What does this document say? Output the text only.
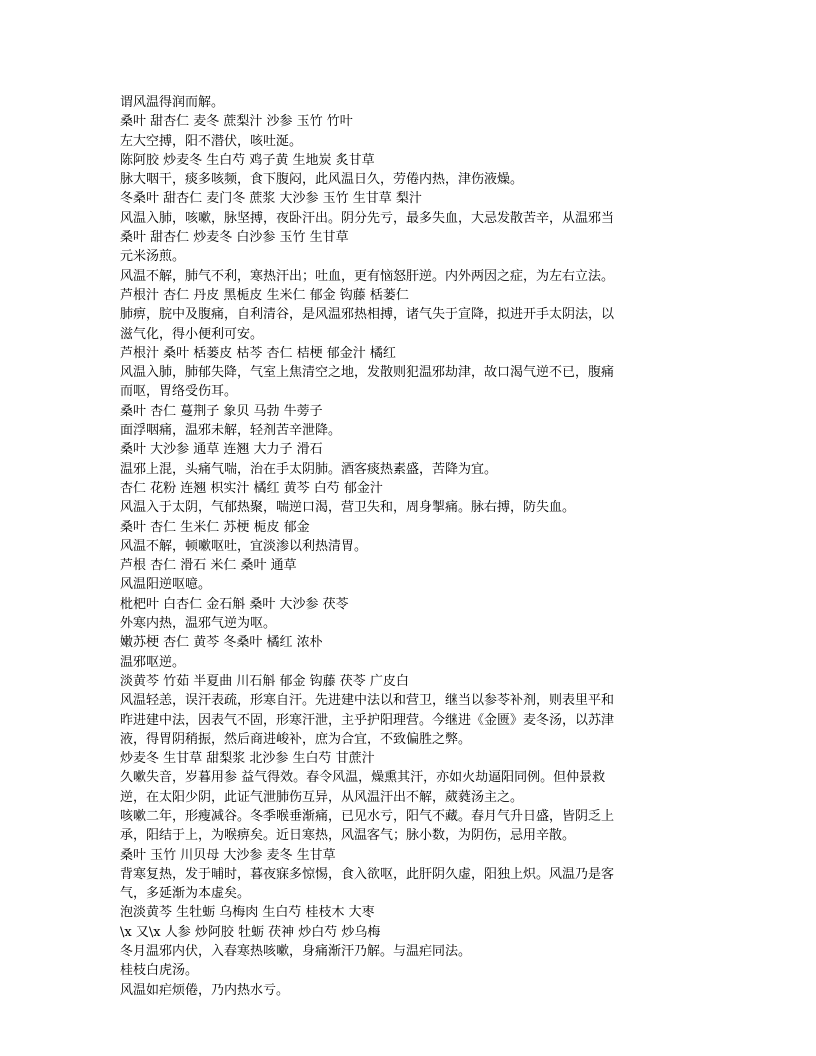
谓风温得润而解。
桑叶 甜杏仁 麦冬 蔗梨汁 沙参 玉竹 竹叶
左大空搏，阳不潜伏，咳吐涎。
陈阿胶 炒麦冬 生白芍 鸡子黄 生地炭 炙甘草
脉大咽干，痰多咳频，食下腹闷，此风温日久，劳倦内热，津伤液燥。
冬桑叶 甜杏仁 麦门冬 蔗浆 大沙参 玉竹 生甘草 梨汁
风温入肺，咳嗽，脉坚搏，夜卧汗出。阴分先亏，最多失血，大忌发散苦辛，从温邪当
桑叶 甜杏仁 炒麦冬 白沙参 玉竹 生甘草
元米汤煎。
风温不解，肺气不利，寒热汗出；吐血，更有恼怒肝逆。内外两因之症，为左右立法。
芦根汁 杏仁 丹皮 黑栀皮 生米仁 郁金 钩藤 栝蒌仁
肺痹，脘中及腹痛，自利清谷，是风温邪热相搏，诸气失于宣降，拟进开手太阴法，以
滋气化，得小便利可安。
芦根汁 桑叶 栝蒌皮 枯芩 杏仁 桔梗 郁金汁 橘红
风温入肺，肺郁失降，气室上焦清空之地，发散则犯温邪劫津，故口渴气逆不已，腹痛
而呕，胃络受伤耳。
桑叶 杏仁 蔓荆子 象贝 马勃 牛蒡子
面浮咽痛，温邪未解，轻剂苦辛泄降。
桑叶 大沙参 通草 连翘 大力子 滑石
温邪上混，头痛气喘，治在手太阴肺。酒客痰热素盛，苦降为宜。
杏仁 花粉 连翘 枳实汁 橘红 黄芩 白芍 郁金汁
风温入于太阴，气郁热聚，喘逆口渴，营卫失和，周身掣痛。脉右搏，防失血。
桑叶 杏仁 生米仁 苏梗 栀皮 郁金
风温不解，顿嗽呕吐，宜淡渗以利热清胃。
芦根 杏仁 滑石 米仁 桑叶 通草
风温阳逆呕噫。
枇杷叶 白杏仁 金石斛 桑叶 大沙参 茯苓
外寒内热，温邪气逆为呕。
嫩苏梗 杏仁 黄芩 冬桑叶 橘红 浓朴
温邪呕逆。
淡黄芩 竹茹 半夏曲 川石斛 郁金 钩藤 茯苓 广皮白
风温轻恙，误汗表疏，形寒自汗。先进建中法以和营卫，继当以参苓补剂，则表里平和
昨进建中法，因表气不固，形寒汗泄，主乎护阳理营。今继进《金匮》麦冬汤，以苏津
液，得胃阴稍振，然后商进峻补，庶为合宜，不致偏胜之弊。
炒麦冬 生甘草 甜梨浆 北沙参 生白芍 甘蔗汁
久嗽失音，岁暮用参 益气得效。春令风温，燥熏其汗，亦如火劫逼阳同例。但仲景救
逆，在太阳少阴，此证气泄肺伤互异，从风温汗出不解，葳蕤汤主之。
咳嗽二年，形瘦减谷。冬季喉垂渐痛，已见水亏，阳气不藏。春月气升日盛，皆阴乏上
承，阳结于上，为喉痹矣。近日寒热，风温客气；脉小数，为阴伤，忌用辛散。
桑叶 玉竹 川贝母 大沙参 麦冬 生甘草
背寒复热，发于晡时，暮夜寐多惊惕，食入欲呕，此肝阴久虚，阳独上炽。风温乃是客
气，多延渐为本虚矣。
泡淡黄芩 生牡蛎 乌梅肉 生白芍 桂枝木 大枣
\x 又\x 人参 炒阿胶 牡蛎 茯神 炒白芍 炒乌梅
冬月温邪内伏，入春寒热咳嗽，身痛渐汗乃解。与温疟同法。
桂枝白虎汤。
风温如疟烦倦，乃内热水亏。
